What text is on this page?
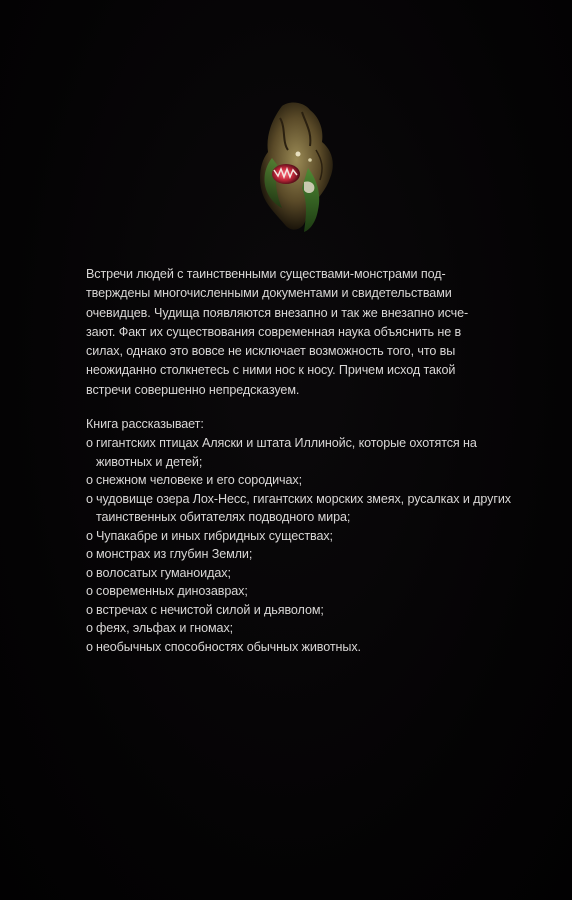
Встречи людей с таинственными существами-монстрами под-
тверждены многочисленными документами и свидетельствами
очевидцев. Чудища появляются внезапно и так же внезапно исче-
зают. Факт их существования современная наука объяснить не в
силах, однако это вовсе не исключает возможность того, что вы
неожиданно столкнетесь с ними нос к носу. Причем исход такой
встречи совершенно непредсказуем.

Книга рассказывает:

о гигантских птицах Аляски и штата Иллинойс, которые охотятся на животных и детей;
о снежном человеке и его сородичах;
о чудовище озера Лох-Несс, гигантских морских змеях, русалках и других таинственных обитателях подводного мира;
о Чупакабре и иных гибридных существах;
о монстрах из глубин Земли;
о волосатых гуманоидах;
о современных динозаврах;
о встречах с нечистой силой и дьяволом;
о феях, эльфах и гномах;
о необычных способностях обычных животных.
